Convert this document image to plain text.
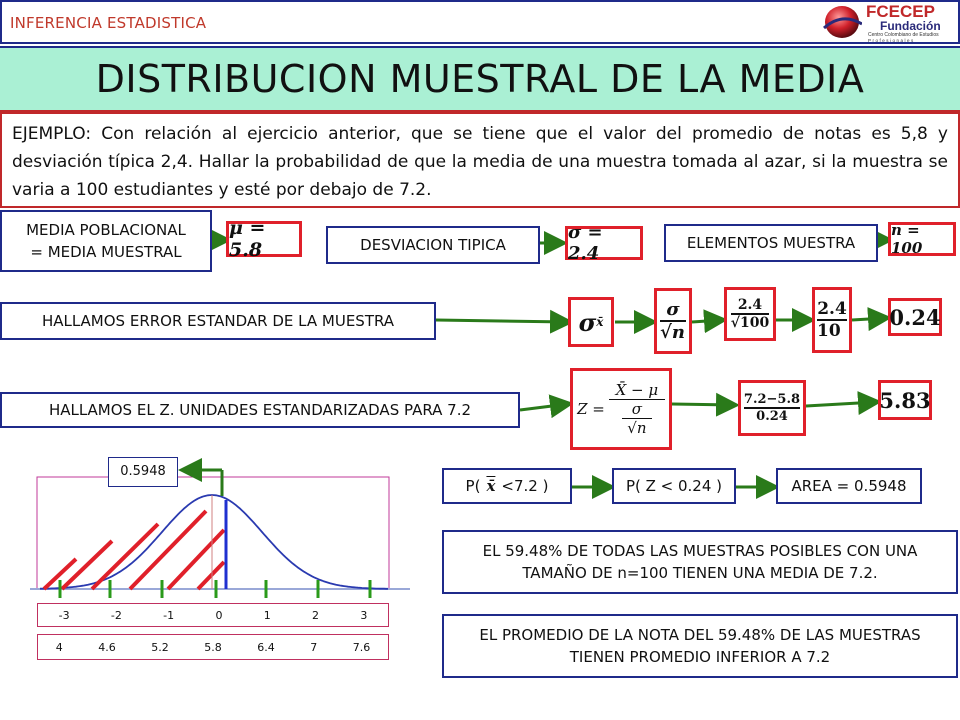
INFERENCIA ESTADISTICA
FCECEP
Fundación
Centro Colombiano de Estudios
Profesionales
DISTRIBUCION MUESTRAL DE LA MEDIA
EJEMPLO: Con relación al ejercicio anterior, que se tiene que el valor del promedio de notas es 5,8 y desviación típica 2,4. Hallar la probabilidad de que la media de una muestra tomada al azar, si la muestra se varia a 100 estudiantes y esté por debajo de 7.2.
MEDIA POBLACIONAL
= MEDIA MUESTRAL
μ = 5.8	DESVIACION TIPICA
σ = 2.4	ELEMENTOS MUESTRA
n = 100
HALLAMOS ERROR ESTANDAR DE LA MUESTRA	σ x̄	$\frac{\sigma}{√n} \frac{2.4}{√100} \frac{2.4}{10} 0.24$
HALLAMOS EL Z. UNIDADES ESTANDARIZADAS PARA 7.2	Z =
X̄ − μ
σ
√n	$\frac{7.2-5.8}{0.24}$	5.83
P( x̄ <7.2 )	P( Z < 0.24 )	AREA = 0.5948
EL 59.48% DE TODAS LAS MUESTRAS POSIBLES CON UNA TAMAÑO DE n=100 TIENEN UNA MEDIA DE 7.2.
EL PROMEDIO DE LA NOTA DEL 59.48% DE LAS MUESTRAS TIENEN PROMEDIO INFERIOR A 7.2
0.5948
-3	-2	-1	0	1	2	3
4	4.6	5.2	5.8	6.4	7	7.6
